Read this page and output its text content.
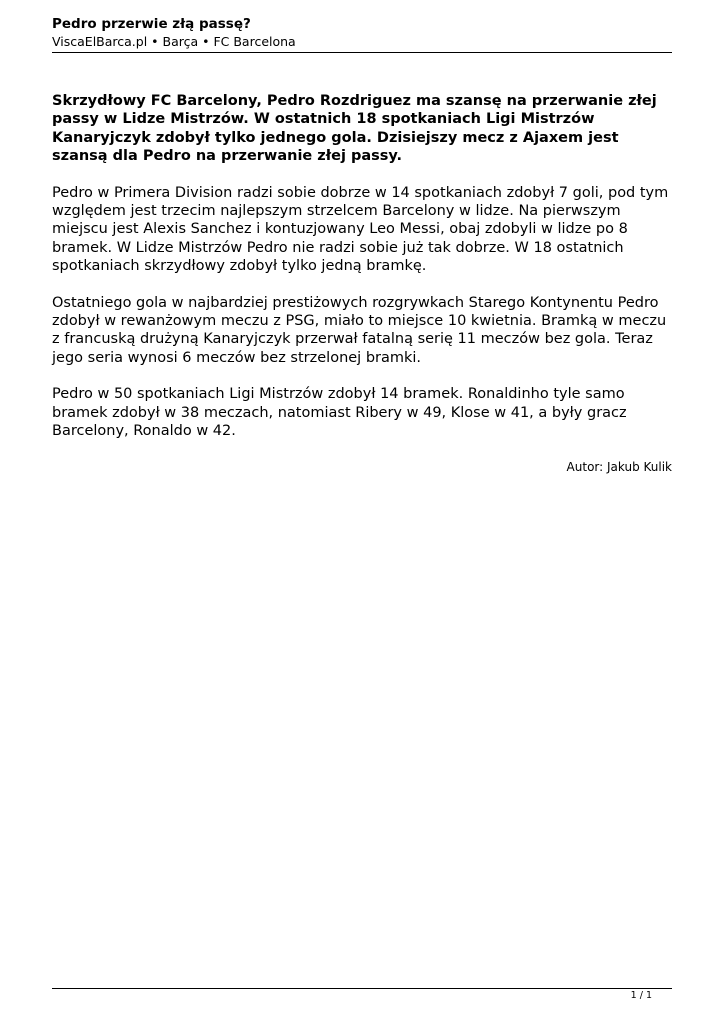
Pedro przerwie złą passę?

ViscaElBarca.pl • Barça • FC Barcelona

Skrzydłowy FC Barcelony, Pedro Rozdriguez ma szansę na przerwanie złej passy w Lidze Mistrzów. W ostatnich 18 spotkaniach Ligi Mistrzów Kanaryjczyk zdobył tylko jednego gola. Dzisiejszy mecz z Ajaxem jest szansą dla Pedro na przerwanie złej passy.

Pedro w Primera Division radzi sobie dobrze w 14 spotkaniach zdobył 7 goli, pod tym względem jest trzecim najlepszym strzelcem Barcelony w lidze. Na pierwszym miejscu jest Alexis Sanchez i kontuzjowany Leo Messi, obaj zdobyli w lidze po 8 bramek. W Lidze Mistrzów Pedro nie radzi sobie już tak dobrze. W 18 ostatnich spotkaniach skrzydłowy zdobył tylko jedną bramkę.

Ostatniego gola w najbardziej prestiżowych rozgrywkach Starego Kontynentu Pedro zdobył w rewanżowym meczu z PSG, miało to miejsce 10 kwietnia. Bramką w meczu z francuską drużyną Kanaryjczyk przerwał fatalną serię 11 meczów bez gola. Teraz jego seria wynosi 6 meczów bez strzelonej bramki.

Pedro w 50 spotkaniach Ligi Mistrzów zdobył 14 bramek. Ronaldinho tyle samo bramek zdobył w 38 meczach, natomiast Ribery w 49, Klose w 41, a były gracz Barcelony, Ronaldo w 42.

Autor: Jakub Kulik
1 / 1
